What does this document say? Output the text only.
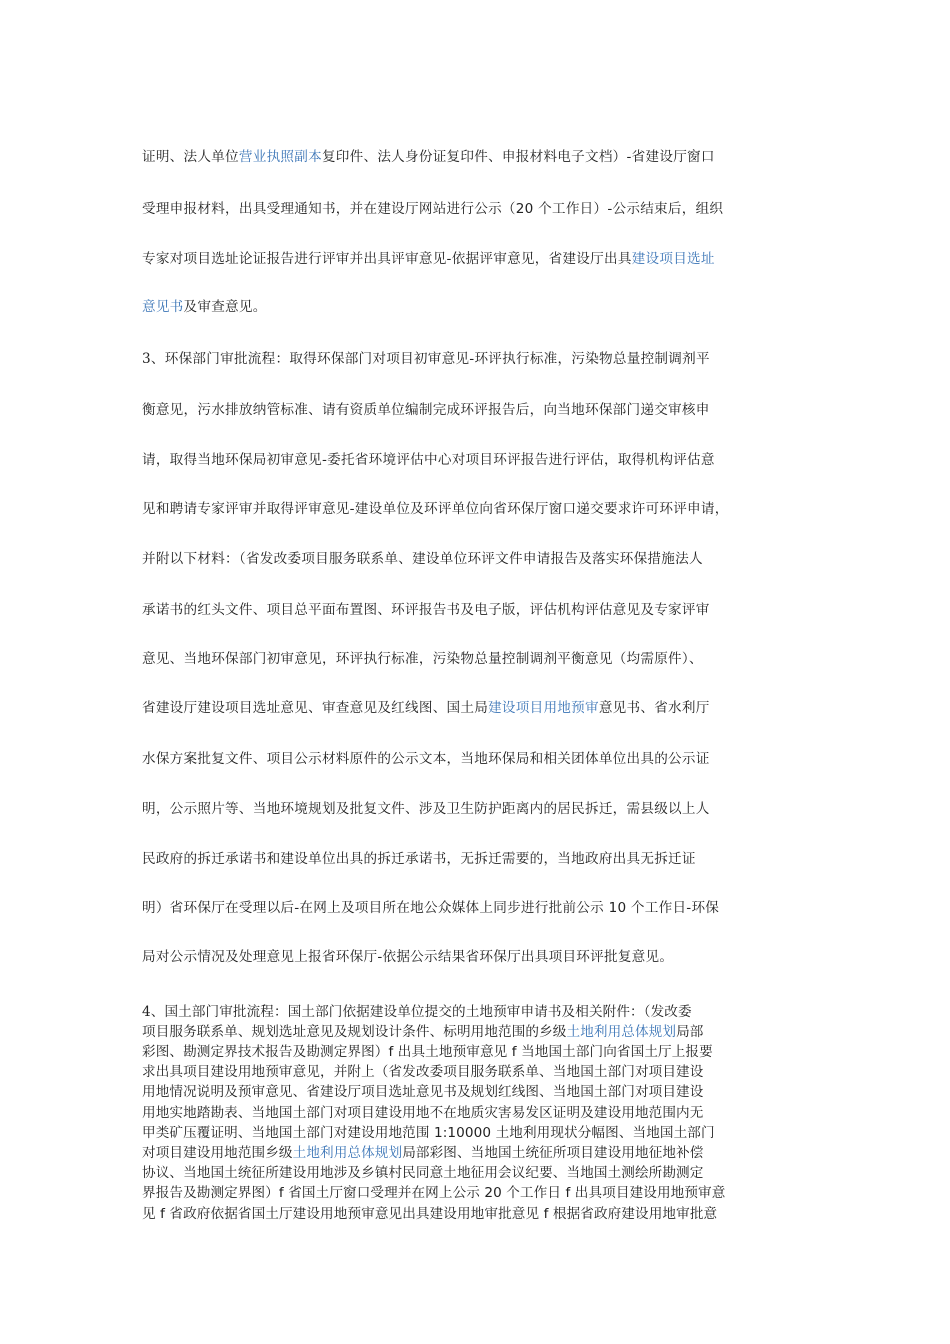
证明、法人单位营业执照副本复印件、法人身份证复印件、申报材料电子文档）-省建设厅窗口

受理申报材料，出具受理通知书，并在建设厅网站进行公示（20 个工作日）-公示结束后，组织

专家对项目选址论证报告进行评审并出具评审意见-依据评审意见，省建设厅出具建设项目选址

意见书及审查意见。

3、环保部门审批流程：取得环保部门对项目初审意见-环评执行标准，污染物总量控制调剂平

衡意见，污水排放纳管标准、请有资质单位编制完成环评报告后，向当地环保部门递交审核申

请，取得当地环保局初审意见-委托省环境评估中心对项目环评报告进行评估，取得机构评估意

见和聘请专家评审并取得评审意见-建设单位及环评单位向省环保厅窗口递交要求许可环评申请，

并附以下材料：（省发改委项目服务联系单、建设单位环评文件申请报告及落实环保措施法人

承诺书的红头文件、项目总平面布置图、环评报告书及电子版，评估机构评估意见及专家评审

意见、当地环保部门初审意见，环评执行标准，污染物总量控制调剂平衡意见（均需原件）、

省建设厅建设项目选址意见、审查意见及红线图、国土局建设项目用地预审意见书、省水利厅

水保方案批复文件、项目公示材料原件的公示文本，当地环保局和相关团体单位出具的公示证

明，公示照片等、当地环境规划及批复文件、涉及卫生防护距离内的居民拆迁，需县级以上人

民政府的拆迁承诺书和建设单位出具的拆迁承诺书，无拆迁需要的，当地政府出具无拆迁证

明）省环保厅在受理以后-在网上及项目所在地公众媒体上同步进行批前公示 10 个工作日-环保

局对公示情况及处理意见上报省环保厅-依据公示结果省环保厅出具项目环评批复意见。

4、国土部门审批流程：国土部门依据建设单位提交的土地预审申请书及相关附件：（发改委

项目服务联系单、规划选址意见及规划设计条件、标明用地范围的乡级土地利用总体规划局部

彩图、勘测定界技术报告及勘测定界图）f 出具土地预审意见 f 当地国土部门向省国土厅上报要

求出具项目建设用地预审意见，并附上（省发改委项目服务联系单、当地国土部门对项目建设

用地情况说明及预审意见、省建设厅项目选址意见书及规划红线图、当地国土部门对项目建设

用地实地踏勘表、当地国土部门对项目建设用地不在地质灾害易发区证明及建设用地范围内无

甲类矿压覆证明、当地国土部门对建设用地范围 1:10000 土地利用现状分幅图、当地国土部门

对项目建设用地范围乡级土地利用总体规划局部彩图、当地国土统征所项目建设用地征地补偿

协议、当地国土统征所建设用地涉及乡镇村民同意土地征用会议纪要、当地国土测绘所勘测定

界报告及勘测定界图）f 省国土厅窗口受理并在网上公示 20 个工作日 f 出具项目建设用地预审意

见 f 省政府依据省国土厅建设用地预审意见出具建设用地审批意见 f 根据省政府建设用地审批意
